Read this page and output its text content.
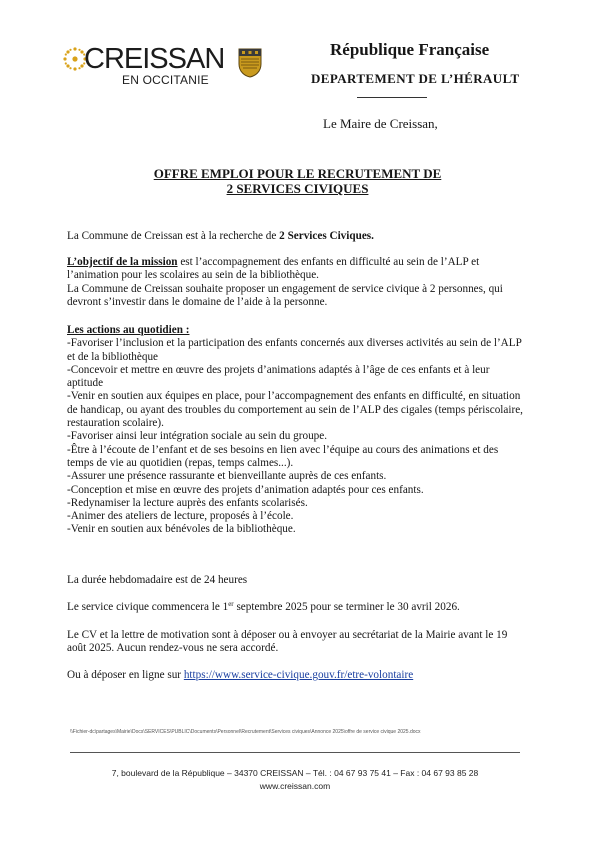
CREISSAN
EN OCCITANIE
République Française
DEPARTEMENT DE L’HÉRAULT
Le Maire de Creissan,
OFFRE EMPLOI POUR LE RECRUTEMENT DE
2 SERVICES CIVIQUES

La Commune de Creissan est à la recherche de 2 Services Civiques.

L’objectif de la mission est l’accompagnement des enfants en difficulté au sein de l’ALP et l’animation pour les scolaires au sein de la bibliothèque.

La Commune de Creissan souhaite proposer un engagement de service civique à 2 personnes, qui devront s’investir dans le domaine de l’aide à la personne.

Les actions au quotidien :

-Favoriser l’inclusion et la participation des enfants concernés aux diverses activités au sein de l’ALP et de la bibliothèque

-Concevoir et mettre en œuvre des projets d’animations adaptés à l’âge de ces enfants et à leur aptitude

-Venir en soutien aux équipes en place, pour l’accompagnement des enfants en difficulté, en situation de handicap, ou ayant des troubles du comportement au sein de l’ALP des cigales (temps périscolaire, restauration scolaire).

-Favoriser ainsi leur intégration sociale au sein du groupe.

-Être à l’écoute de l’enfant et de ses besoins en lien avec l’équipe au cours des animations et des temps de vie au quotidien (repas, temps calmes...).

-Assurer une présence rassurante et bienveillante auprès de ces enfants.

-Conception et mise en œuvre des projets d’animation adaptés pour ces enfants.

-Redynamiser la lecture auprès des enfants scolarisés.

-Animer des ateliers de lecture, proposés à l’école.

-Venir en soutien aux bénévoles de la bibliothèque.

La durée hebdomadaire est de 24 heures

Le service civique commencera le 1er septembre 2025 pour se terminer le 30 avril 2026.

Le CV et la lettre de motivation sont à déposer ou à envoyer au secrétariat de la Mairie avant le 19 août 2025. Aucun rendez-vous ne sera accordé.

Ou à déposer en ligne sur https://www.service-civique.gouv.fr/etre-volontaire

\\Fichier-dc\partages\Mairie\Docs\SERVICES\PUBLIC\Documents\Personnel\Recrutement\Services civiques\Annonce 2025\offre de service civique 2025.docx
7, boulevard de la République – 34370 CREISSAN – Tél. : 04 67 93 75 41 – Fax : 04 67 93 85 28
www.creissan.com
